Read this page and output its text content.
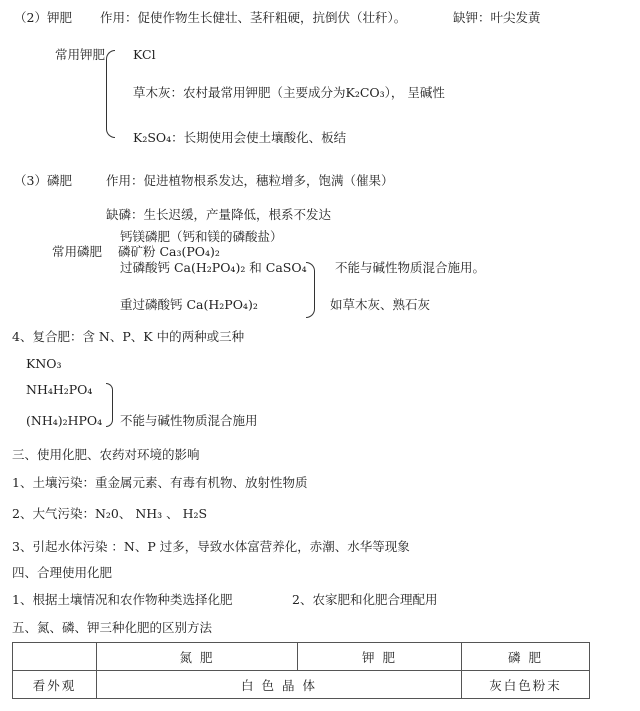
（2）钾肥 作用：促使作物生长健壮、茎秆粗硬，抗倒伏（壮秆）。	缺钾：叶尖发黄
常用钾肥 KCl
草木灰：农村最常用钾肥（主要成分为K₂CO₃）， 呈碱性
K₂SO₄：长期使用会使土壤酸化、板结
（3）磷肥	作用：促进植物根系发达，穗粒增多，饱满（催果）
缺磷：生长迟缓，产量降低，根系不发达
常用磷肥 磷矿粉 Ca₃(PO₄)₂
钙镁磷肥（钙和镁的磷酸盐）
过磷酸钙 Ca(H₂PO₄)₂ 和 CaSO₄
重过磷酸钙 Ca(H₂PO₄)₂
不能与碱性物质混合施用。
如草木灰、熟石灰
4、复合肥：含 N、P、K 中的两种或三种
KNO₃
NH₄H₂PO₄
(NH₄)₂HPO₄ 不能与碱性物质混合施用
三、使用化肥、农药对环境的影响
1、土壤污染：重金属元素、有毒有机物、放射性物质
2、大气污染：N₂0、 NH₃ 、 H₂S
3、引起水体污染 ：N、P 过多，导致水体富营养化，赤潮、水华等现象
四、合理使用化肥
1、根据土壤情况和农作物种类选择化肥	2、农家肥和化肥合理配用
五、氮、磷、钾三种化肥的区别方法
	氮 肥	钾 肥	磷 肥
看外观	白 色 晶 体		灰白色粉末
